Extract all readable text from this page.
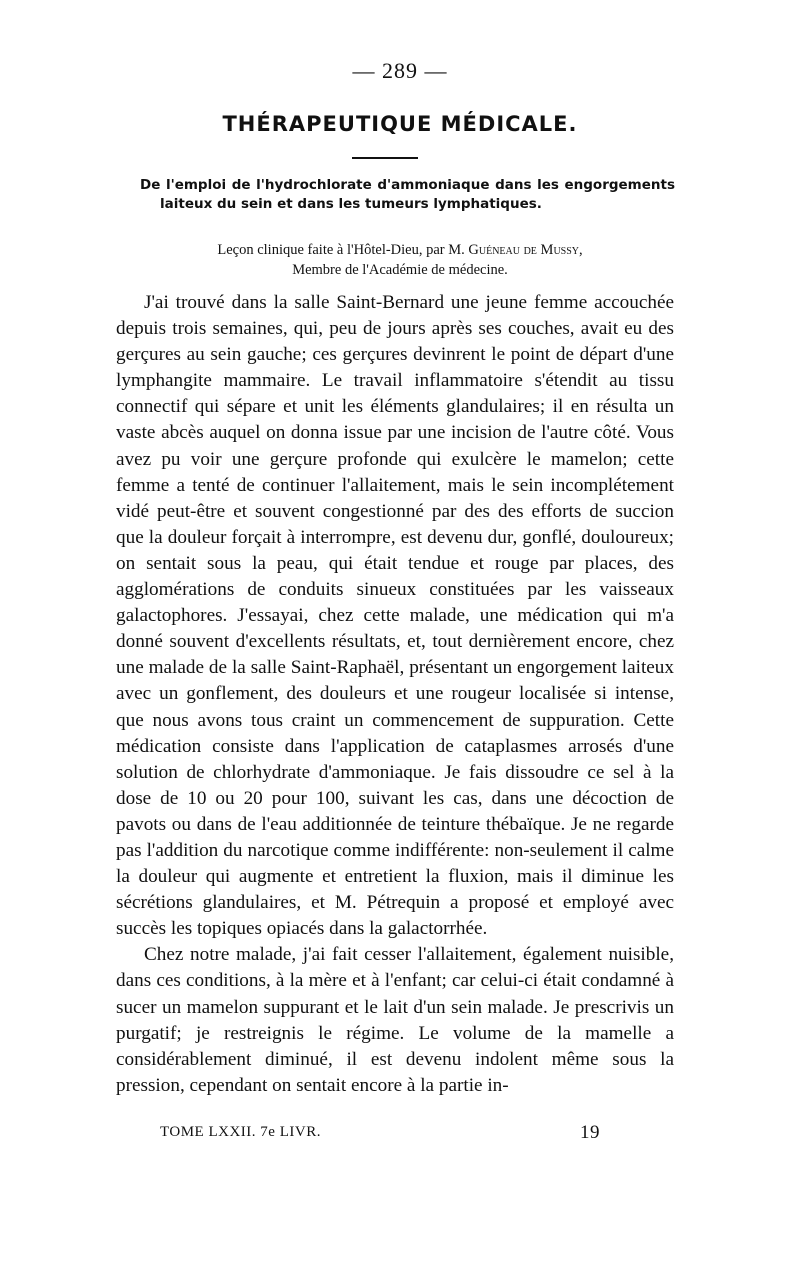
— 289 —
THÉRAPEUTIQUE MÉDICALE.
De l'emploi de l'hydrochlorate d'ammoniaque dans les engorgements laiteux du sein et dans les tumeurs lymphatiques.
Leçon clinique faite à l'Hôtel-Dieu, par M. Guéneau de Mussy,
Membre de l'Académie de médecine.

J'ai trouvé dans la salle Saint-Bernard une jeune femme accouchée depuis trois semaines, qui, peu de jours après ses couches, avait eu des gerçures au sein gauche; ces gerçures devinrent le point de départ d'une lymphangite mammaire. Le travail inflammatoire s'étendit au tissu connectif qui sépare et unit les éléments glandulaires; il en résulta un vaste abcès auquel on donna issue par une incision de l'autre côté. Vous avez pu voir une gerçure profonde qui exulcère le mamelon; cette femme a tenté de continuer l'allaitement, mais le sein incomplétement vidé peut-être et souvent congestionné par des des efforts de succion que la douleur forçait à interrompre, est devenu dur, gonflé, douloureux; on sentait sous la peau, qui était tendue et rouge par places, des agglomérations de conduits sinueux constituées par les vaisseaux galactophores. J'essayai, chez cette malade, une médication qui m'a donné souvent d'excellents résultats, et, tout dernièrement encore, chez une malade de la salle Saint-Raphaël, présentant un engorgement laiteux avec un gonflement, des douleurs et une rougeur localisée si intense, que nous avons tous craint un commencement de suppuration. Cette médication consiste dans l'application de cataplasmes arrosés d'une solution de chlorhydrate d'ammoniaque. Je fais dissoudre ce sel à la dose de 10 ou 20 pour 100, suivant les cas, dans une décoction de pavots ou dans de l'eau additionnée de teinture thébaïque. Je ne regarde pas l'addition du narcotique comme indifférente: non-seulement il calme la douleur qui augmente et entretient la fluxion, mais il diminue les sécrétions glandulaires, et M. Pétrequin a proposé et employé avec succès les topiques opiacés dans la galactorrhée.

Chez notre malade, j'ai fait cesser l'allaitement, également nuisible, dans ces conditions, à la mère et à l'enfant; car celui-ci était condamné à sucer un mamelon suppurant et le lait d'un sein malade. Je prescrivis un purgatif; je restreignis le régime. Le volume de la mamelle a considérablement diminué, il est devenu indolent même sous la pression, cependant on sentait encore à la partie in-

TOME LXXII. 7e LIVR.	19
